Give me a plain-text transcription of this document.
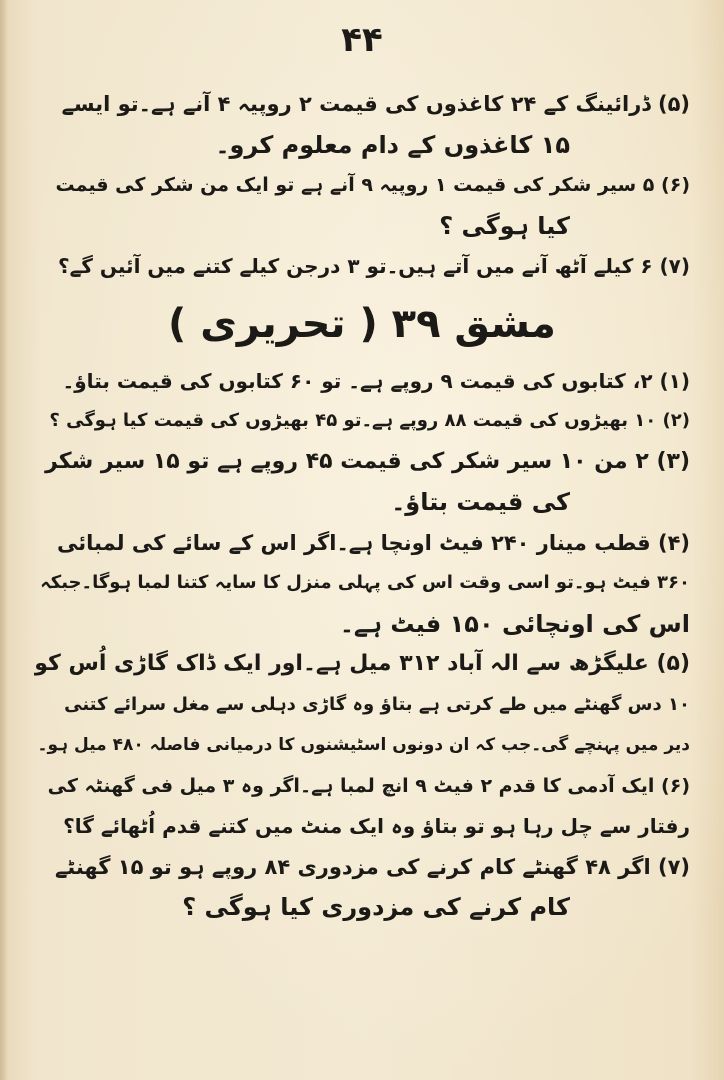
۴۴
(۵) ڈرائینگ کے ۲۴ کاغذوں کی قیمت ۲ روپیہ ۴ آنے ہے۔تو ایسے
۱۵ کاغذوں کے دام معلوم کرو۔
(۶) ۵ سیر شکر کی قیمت ۱ روپیہ ۹ آنے ہے تو ایک من شکر کی قیمت
کیا ہوگی ؟
(۷) ۶ کیلے آٹھ آنے میں آتے ہیں۔تو ۳ درجن کیلے کتنے میں آئیں گے؟
مشق ۳۹ ( تحریری )
(۱) ۲، کتابوں کی قیمت ۹ روپے ہے۔ تو ۶۰ کتابوں کی قیمت بتاؤ۔
(۲) ۱۰ بھیڑوں کی قیمت ۸۸ روپے ہے۔تو ۴۵ بھیڑوں کی قیمت کیا ہوگی ؟
(۳) ۲ من ۱۰ سیر شکر کی قیمت ۴۵ روپے ہے تو ۱۵ سیر شکر
کی قیمت بتاؤ۔
(۴) قطب مینار ۲۴۰ فیٹ اونچا ہے۔اگر اس کے سائے کی لمبائی
۳۶۰ فیٹ ہو۔تو اسی وقت اس کی پہلی منزل کا سایہ کتنا لمبا ہوگا۔جبکہ
اس کی اونچائی ۱۵۰ فیٹ ہے۔
(۵) علیگڑھ سے الہ آباد ۳۱۲ میل ہے۔اور ایک ڈاک گاڑی اُس کو
۱۰ دس گھنٹے میں طے کرتی ہے بتاؤ وہ گاڑی دہلی سے مغل سرائے کتنی
دیر میں پہنچے گی۔جب کہ ان دونوں اسٹیشنوں کا درمیانی فاصلہ ۴۸۰ میل ہو۔
(۶) ایک آدمی کا قدم ۲ فیٹ ۹ انچ لمبا ہے۔اگر وہ ۳ میل فی گھنٹہ کی
رفتار سے چل رہا ہو تو بتاؤ وہ ایک منٹ میں کتنے قدم اُٹھائے گا؟
(۷) اگر ۴۸ گھنٹے کام کرنے کی مزدوری ۸۴ روپے ہو تو ۱۵ گھنٹے
کام کرنے کی مزدوری کیا ہوگی ؟
